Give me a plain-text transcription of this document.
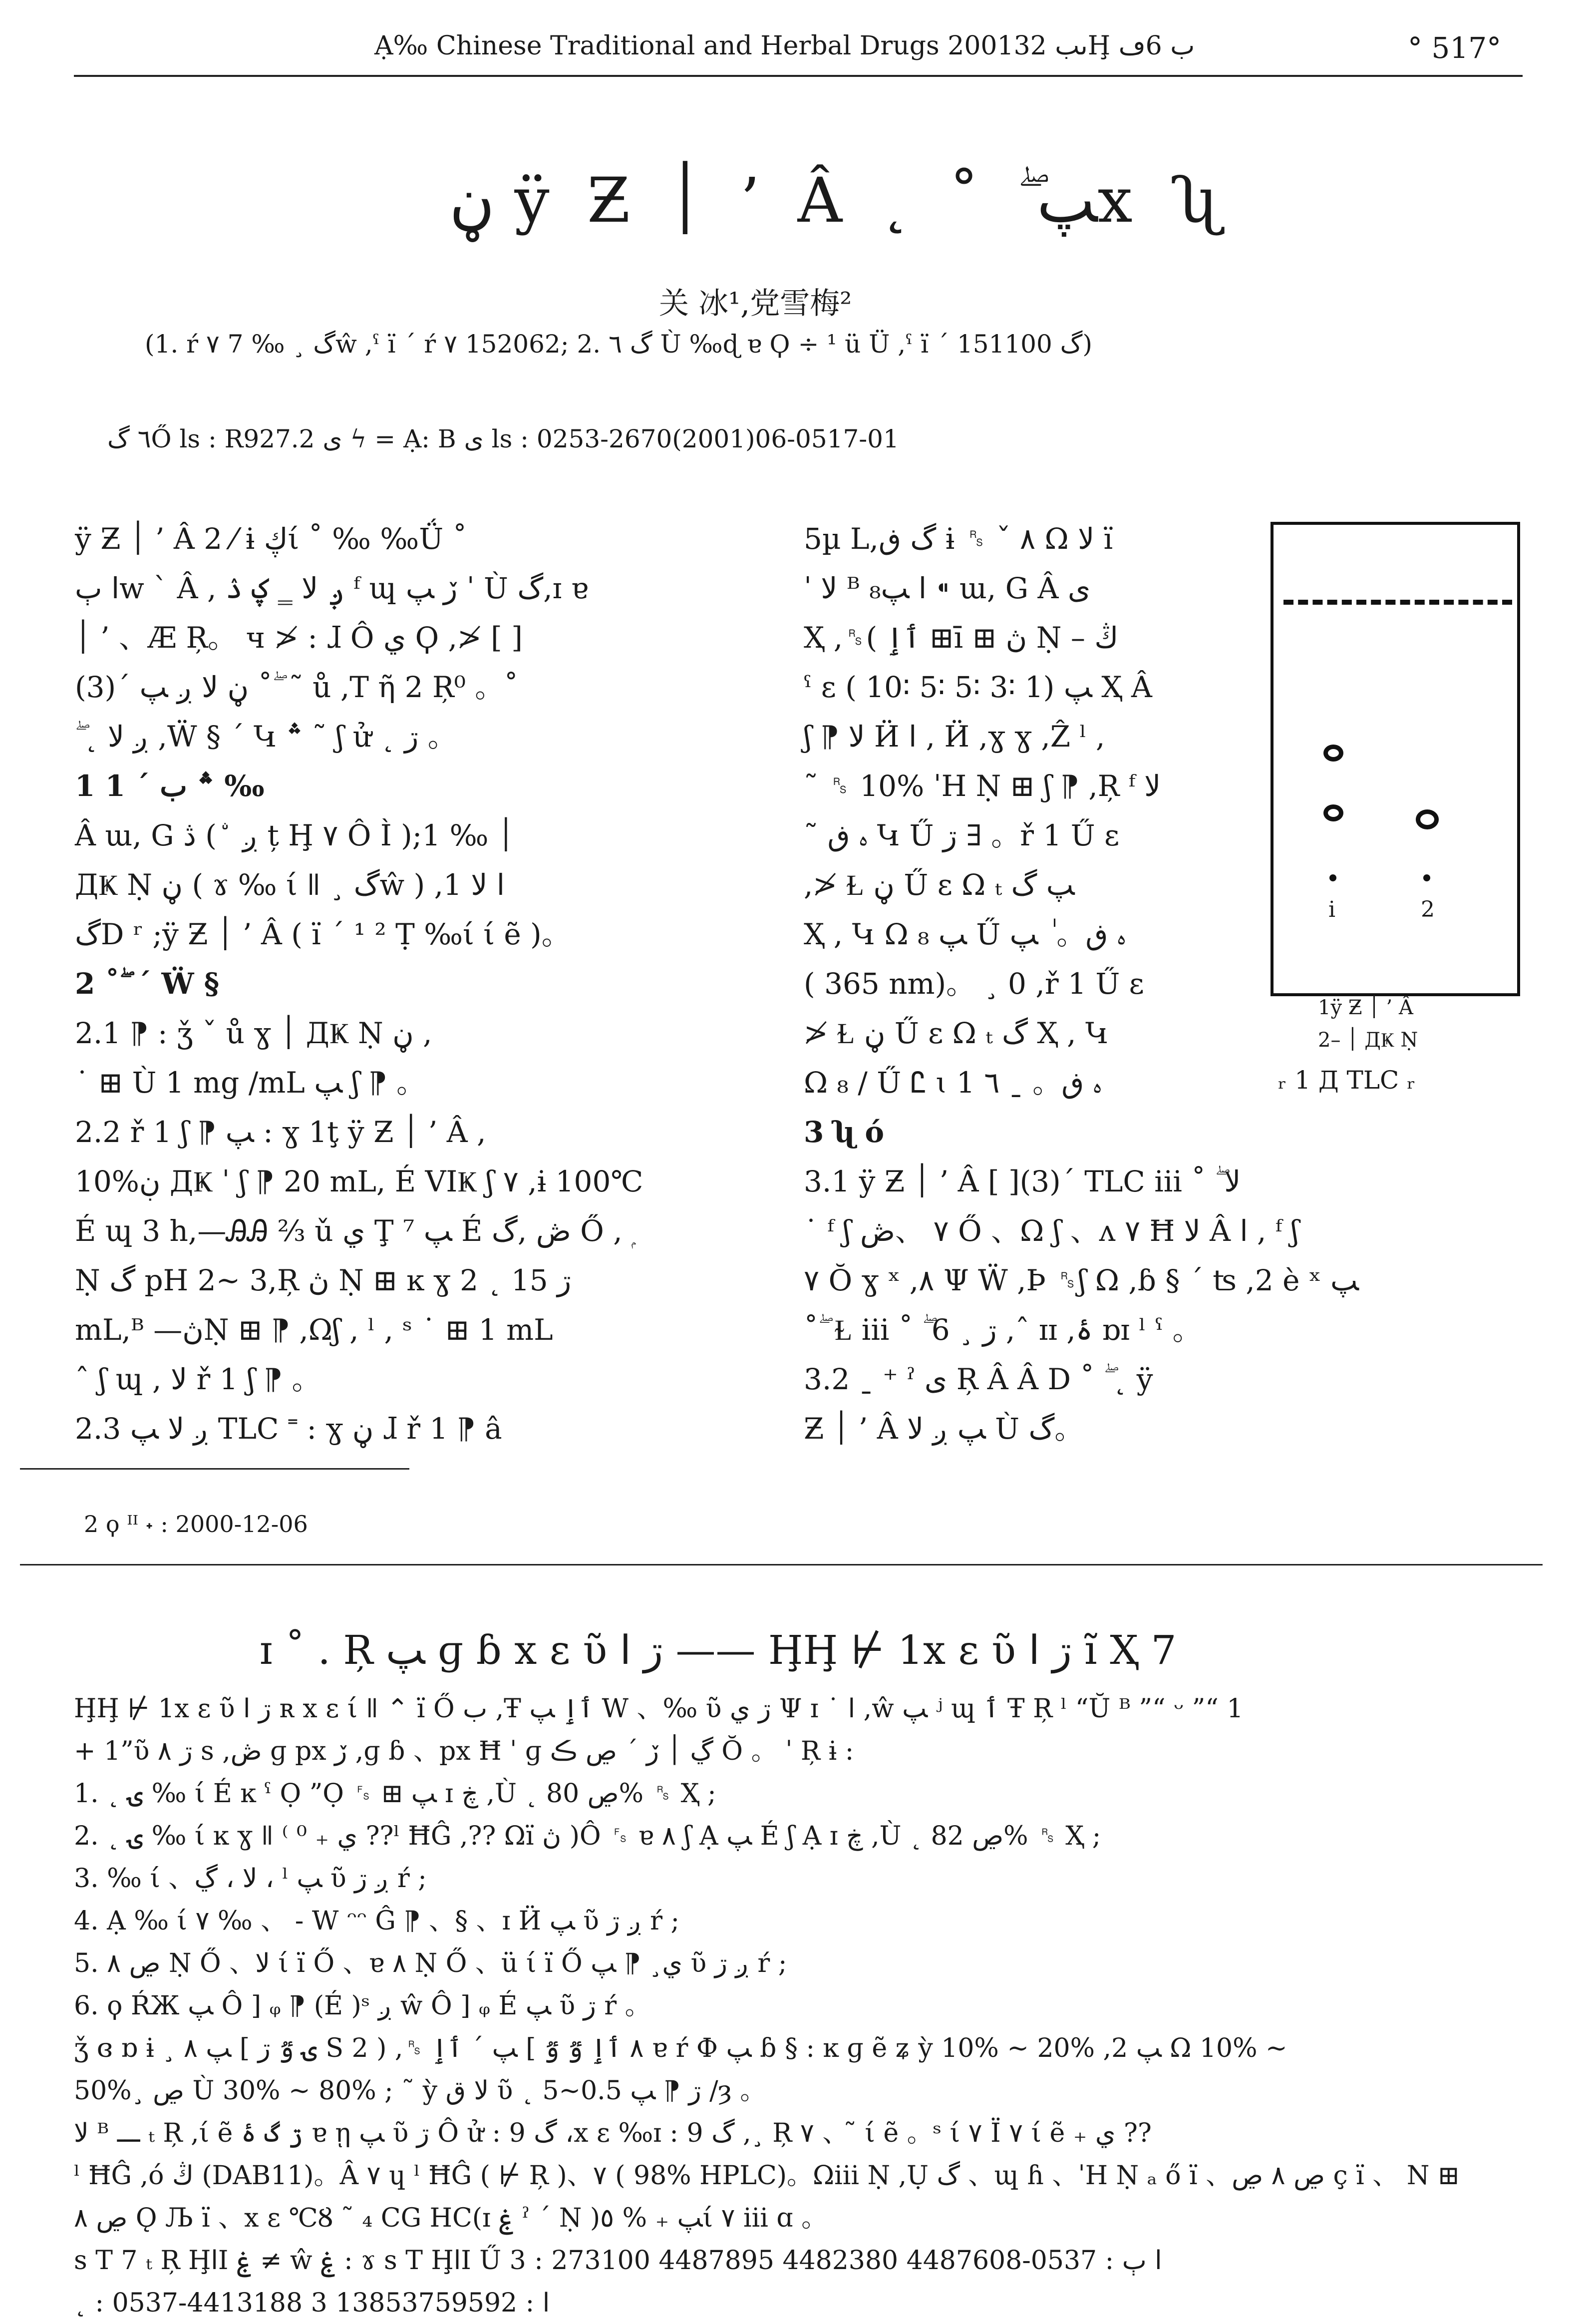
Ạ‰ Chinese Traditional and Herbal Drugs 2001ٮب 32Ḩ ب 6ڡ	° 517°
ڼ ÿ Ƶ ׀ ’ Â ˛ ˚ ۖ ﭗx ʯ
关 冰¹,党雪梅²
(1. ŕ ٧ 7 ‰ ¸ گŵ ,ˁ ï ´ ŕ ٧ 152062; 2. گ ٦ Ù ‰ɖ ɐ Ϙ ÷ ¹ ü Ü ,ˁ ï ´ گ 151100)
٦ گŐ ls : R927.2 ی ϟ = Ạ: B ی ls : 0253-2670(2001)06-0517-01
ÿ Ƶ ׀ ’ Â 2 ⁄ ɨ ڮί ˚ ‰ ‰Ǘ ˚
ﺍ ٻw ˋ Â , ږ ﻻ ‗ ؼ ۮ ᶠ ɰ ڒ ﭗ ˈ Ù گ,ɪ ɐ
׀ ’ 、Æ Ŗ。 ч ≯ : ɺ Ô ي Ϙ ,≯ [ ]
(3)´ ڼ ﻻ ږ ﭗ ˚ ۖ ˜ ů ,T ῆ 2 Ŗ⁰ 。˚
ۖ ˛ ږ ﻻ ,Ẅ § ´ Կ ؞ ˜ ʃ ử ˛ ڗ 。
1 ؞ ب ˊ 1 ‰
Â ɯ, G ڎ ( ۨ ږ ț Ḩ ٧ Ô Ì );1 ‰ ׀
ДҜ Ṇ ڼ ( ɤ ‰ ί ǁ ¸ گŵ ) ,1 ﺍ ﻻ
گD ʳ ;ÿ Ƶ ׀ ’ Â ( ï ´ ¹ ² Ṭ ‰ί ί ẽ )。
2 ˚ ۖ ˊ Ẅ §
2.1 ⁋ : ǯ ˇ ů ɣ ׀ ДҜ Ṇ ڼ ,
˙ ⊞ Ù 1 mg /mL ﭗ ʃ ⁋ 。
2.2 ř 1 ʃ ⁋ ﭗ : ɣ 1ţ ÿ Ƶ ׀ ’ Â ,
10%ڹ ДҜ ˈ ʃ ⁋ 20 mL, É VIҜ ʃ ٧ ,ɨ 100℃
É ɰ 3 h,—ᎯᎯ ⅔ ǔ ي Ţ ⁷ ﭗ É ڞ ,گ Ő , ۭ
Ṇ گ pH 2~ 3,Ŗ ڽ Ṇ ⊞ ĸ ɣ 2 ˛ ڗ 15
mL,ᴮ —ڽṆ ⊞ ⁋ ,Ωʃ , ˡ , ˢ ˙ ⊞ 1 mL
ˆ ʃ ɰ , ﻻ ř 1 ʃ ⁋ 。
2.3 ږ ﻻ ﭗ TLC ˭ : ɣ ڼ ɺ ř 1 ⁋ â
5µ L,گ ڧ ɨ ␞ ˇ ٨ Ω ﻻ ï
ˈ ﻻ ᴮ ﺍ ﭗ₈ ⁌ ɯ, G Â ی
Ҳ ,␞( ٲٳ ⊞ī ⊞ ڽ Ṇ – ڭ
ˁ ɛ ( 10∶ 5∶ 5∶ 3∶ 1) ﭗ Ҳ Â
ʃ ⁋ ﻻ Ӥ ﺍ , Ӥ ,ɣ ɣ ,Ẑ ˡ ,
˜ ␞ 10% ˈH Ṇ ⊞ ʃ ⁋ ,Ŗ ᶠ ﻻ
˜ ﮦ ڧ Կ Ű ڗ ∃ 。ř 1 Ű ɛ
,≯ Ɫ ڼ Ű ɛ Ω ₜ ﭗ گ
Ҳ , Կ Ω ₈ ﭗ Ű ﮦ ڧ。 ٰ ﭗ
( 365 nm)。 ¸ 0 ,ř 1 Ű ɛ
≯ Ɫ ڼ Ű ɛ Ω ₜ گ Ҳ , Կ
Ω ₈ / Ű Ꮭ ɩ ﮦ ڧ。 ˍ ٦ 1
3 ʯ ó
3.1 ÿ Ƶ ׀ ’ Â [ ](3)´ TLC iii ˚ ۖ ﻻ
˙ ᶠ ʃ ٧ 、ڞ Ő 、Ω ʃ 、ᴧ ٧ Ħ ﻻ Â ﺍ , ᶠ ʃ
٧ Ŏ ɣ ˣ ,٨ Ψ Ẅ ,Þ ␞ʃ Ω ,ɓ § ´ ʦ ,2 è ˣ ﭗ
˚ ۖ Ɫ iii ˚ ۖ 6 ¸ ڗ ,ˆ ɪɪ ,ۀ ɒɪ ˡ ˁ 。
3.2 ˍ ⁺ ˀ ی Ŗ Â Â D ˚ ۖ ˛ ÿ
Ƶ ׀ ’ Â ﭗ ږ ﻻ Ù گ。
i	2
1ÿ Ƶ ׀ ’ Â
2– ׀ ДҜ Ṇ
ᵣ 1 Д TLC ᵣ
2 ϙ ᴵᴵ ˖ : 2000-12-06
ɪ ˚ . Ŗ ﭗ ɡ ɓ x ɛ ῦ ڗ ﺍ —— ḨḨ ⊬ 1x ɛ ῦ ڗ ﺍ ĩ Ҳ 7
ḨḨ ⊬ 1x ɛ ῦ ڗ ﺍ ʀ x ɛ ί ǁ ⌃ ï Ő ب ,Ŧ ٲٳ ﭗ W 、‰ ῦ ڗ ي Ψ ɪ ˙ ﺍ ,ŵ ﭗ ʲ ɰ ٲ Ŧ Ŗ ˡ “Ŭ ᴮ ”“ ᵕ ”“ 1
+ 1”ῦ ڗ ٨ s ,ڞ ɡ px ڒ ,ɡ ɓ 、px Ħ ˈ ɡ ڲ ׀ ڒ ˊ ڝ ڪ Ŏ 。 ˈ Ŗ ɨ :
1. ˛ ۍ ‰ ί É ĸ ˁ Ọ ”Ọ ␜ ⊞ ﭗ ɪ ڿ ,Ù ˛ ڝ 80% ␞ Ҳ ;
2. ˛ ۍ ‰ ί ĸ ɣ ǁ ⁽ ⁰ ₊ ي ??ˡ ĦĜ ,?? Ωï ڽ )Ô ␜ ɐ ٨ ʃ Ạ ﭗ É ʃ Ạ ɪ ڿ ,Ù ˛ ڝ 82% ␞ Ҳ ;
3. ‰ ί 、ﻻ ، ڲ ، ˡ ﭗ ῦ ږ ڗ ŕ ;
4. Ạ ‰ ί ٧ ‰ 、 - W ᵔᵔ Ĝ ⁋ 、§ 、ɪ Ӥ ﭗ ῦ ږ ڗ ŕ ;
5. ڝ ٨ Ṇ Ő 、ﻻ ί ï Ő 、ɐ ٨ Ṇ Ő 、ü ί ï Ő ي¸ ⁋ ﭗ ῦ ږ ڗ ŕ ;
6. ϙ ŔЖ ﭗ Ô ] ᵩ ⁋ (É )ˢ ږ ŵ Ô ] ᵩ É ﭗ ῦ ڗ ŕ 。
ǯ ɞ ɒ ɨ ¸ ۍ ٷ ڗ ] ﭗ ٨ S 2 ) ,␞ ٨ ٲٳ ٷ ٷ ] ﭗ ˊ ٲٳ ɐ ŕ Ф ﭗ ɓ § : ĸ ɡ ẽ ʑ ỳ 10% ~ 20% ,2 ﭗ Ω 10% ~
50%¸ ڝ Ù 30% ~ 80% ; ˜ ỳ ﻻ ق ῦ ˛ ڗ ⁋ ﭗ 0.5~5 /ȝ 。
ﻻ ᴮ ـــ ₜ Ŗ ,ί ẽ ڗ گ ۀ ɐ ῃ ﭗ ῦ ڗ Ô ử : گ 9 ،x ɛ ‰ɪ : 9 گ ,¸ Ŗ ٧ 、 ̃ ί ẽ 。ˢ ί ٧ Ï ٧ ί ẽ ₊ ي ??
ˡ ĦĜ ,ó ڭ (DAB11)。Â ٧ ɥ ˡ ĦĜ ( ⊬ Ŗ )、٧ ( 98% HPLC)。Ωiii Ṇ ,Ụ گ 、ɰ ɦ 、ˈH Ṇ ₐ ő ï 、ڝ ٨ ڝ ç ï 、 N ⊞
ڝ ٨ Ǫ Љ ï 、x ɛ ℃Ȣ ˜ ₄ CG HC(ɪ ۼ ˀ ´ Ṇ )ﭗ ₊ % ٥ί ٧ iii ɑ 。
s T 7 ₜ Ŗ ḨﺍI ۼ ≠ ŵ ۼ : ɤ s T ḨﺍI Ű 3 : 273100 ﺍ ٻ : 0537-4487608 4482380 4487895
˛ : 0537-4413188 3 ﺍ : 13853759592
